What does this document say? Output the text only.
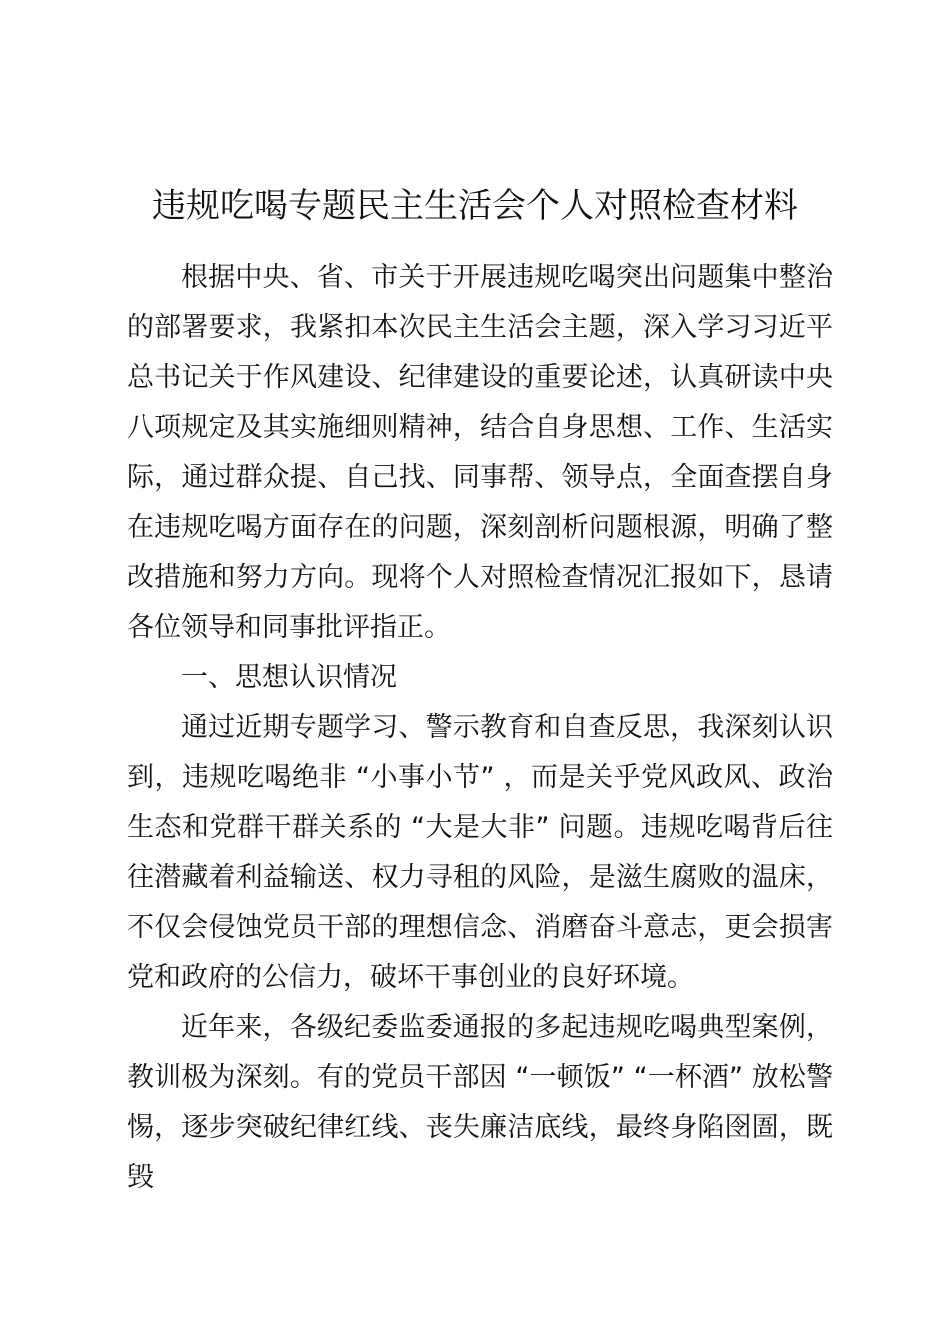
违规吃喝专题民主生活会个人对照检查材料

根据中央、省、市关于开展违规吃喝突出问题集中整治的部署要求，我紧扣本次民主生活会主题，深入学习习近平总书记关于作风建设、纪律建设的重要论述，认真研读中央八项规定及其实施细则精神，结合自身思想、工作、生活实际，通过群众提、自己找、同事帮、领导点，全面查摆自身在违规吃喝方面存在的问题，深刻剖析问题根源，明确了整改措施和努力方向。现将个人对照检查情况汇报如下，恳请各位领导和同事批评指正。

一、思想认识情况

通过近期专题学习、警示教育和自查反思，我深刻认识到，违规吃喝绝非 “小事小节” ，而是关乎党风政风、政治生态和党群干群关系的 “大是大非” 问题。违规吃喝背后往往潜藏着利益输送、权力寻租的风险，是滋生腐败的温床，不仅会侵蚀党员干部的理想信念、消磨奋斗意志，更会损害党和政府的公信力，破坏干事创业的良好环境。

近年来，各级纪委监委通报的多起违规吃喝典型案例，教训极为深刻。有的党员干部因 “一顿饭” “一杯酒” 放松警惕，逐步突破纪律红线、丧失廉洁底线，最终身陷囹圄，既毁
